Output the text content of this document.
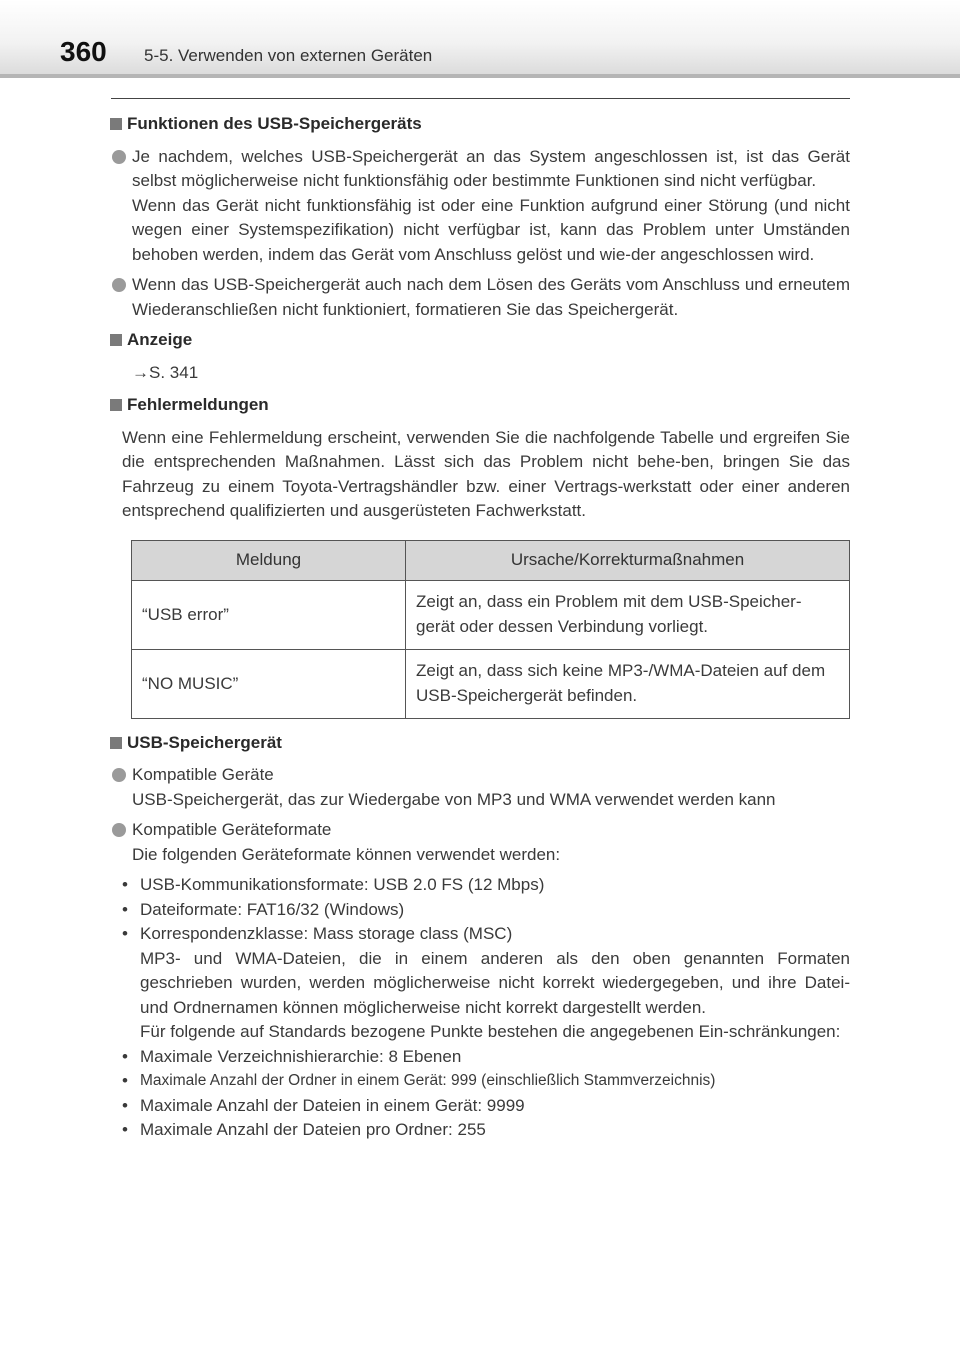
360 5-5. Verwenden von externen Geräten
Funktionen des USB-Speichergeräts

Je nachdem, welches USB-Speichergerät an das System angeschlossen ist, ist das Gerät selbst möglicherweise nicht funktionsfähig oder bestimmte Funktionen sind nicht verfügbar.

Wenn das Gerät nicht funktionsfähig ist oder eine Funktion aufgrund einer Störung (und nicht wegen einer Systemspezifikation) nicht verfügbar ist, kann das Problem unter Umständen behoben werden, indem das Gerät vom Anschluss gelöst und wie-der angeschlossen wird.

Wenn das USB-Speichergerät auch nach dem Lösen des Geräts vom Anschluss und erneutem Wiederanschließen nicht funktioniert, formatieren Sie das Speichergerät.
Anzeige
→S. 341
Fehlermeldungen
Wenn eine Fehlermeldung erscheint, verwenden Sie die nachfolgende Tabelle und ergreifen Sie die entsprechenden Maßnahmen. Lässt sich das Problem nicht behe-ben, bringen Sie das Fahrzeug zu einem Toyota-Vertragshändler bzw. einer Vertrags-werkstatt oder einer anderen entsprechend qualifizierten und ausgerüsteten Fachwerkstatt.
Meldung	Ursache/Korrekturmaßnahmen
“USB error”	Zeigt an, dass ein Problem mit dem USB-Speicher-gerät oder dessen Verbindung vorliegt.
“NO MUSIC”	Zeigt an, dass sich keine MP3-/WMA-Dateien auf dem USB-Speichergerät befinden.
USB-Speichergerät

Kompatible Geräte

USB-Speichergerät, das zur Wiedergabe von MP3 und WMA verwendet werden kann

Kompatible Geräteformate

Die folgenden Geräteformate können verwendet werden:

• USB-Kommunikationsformate: USB 2.0 FS (12 Mbps)
• Dateiformate: FAT16/32 (Windows)
• Korrespondenzklasse: Mass storage class (MSC)
MP3- und WMA-Dateien, die in einem anderen als den oben genannten Formaten geschrieben wurden, werden möglicherweise nicht korrekt wiedergegeben, und ihre Datei- und Ordnernamen können möglicherweise nicht korrekt dargestellt werden.
Für folgende auf Standards bezogene Punkte bestehen die angegebenen Ein-schränkungen:
• Maximale Verzeichnishierarchie: 8 Ebenen
• Maximale Anzahl der Ordner in einem Gerät: 999 (einschließlich Stammverzeichnis)
• Maximale Anzahl der Dateien in einem Gerät: 9999
• Maximale Anzahl der Dateien pro Ordner: 255
